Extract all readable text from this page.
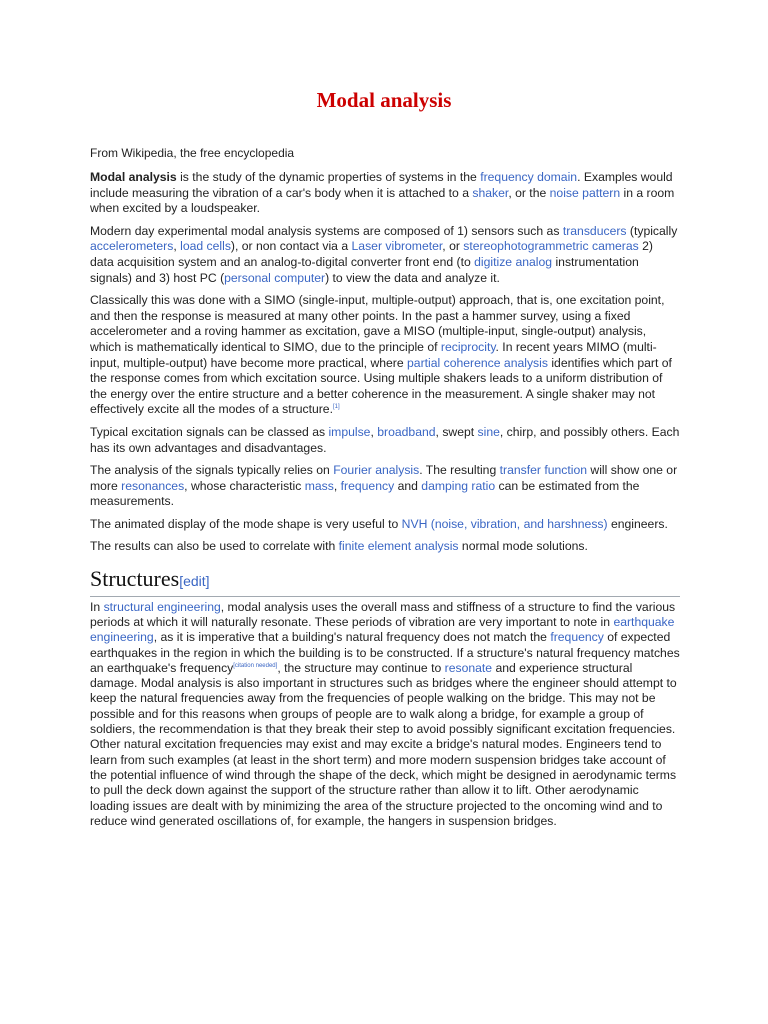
Modal analysis
From Wikipedia, the free encyclopedia

Modal analysis is the study of the dynamic properties of systems in the frequency domain. Examples would include measuring the vibration of a car's body when it is attached to a shaker, or the noise pattern in a room when excited by a loudspeaker.

Modern day experimental modal analysis systems are composed of 1) sensors such as transducers (typically accelerometers, load cells), or non contact via a Laser vibrometer, or stereophotogrammetric cameras 2) data acquisition system and an analog-to-digital converter front end (to digitize analog instrumentation signals) and 3) host PC (personal computer) to view the data and analyze it.

Classically this was done with a SIMO (single-input, multiple-output) approach, that is, one excitation point, and then the response is measured at many other points. In the past a hammer survey, using a fixed accelerometer and a roving hammer as excitation, gave a MISO (multiple-input, single-output) analysis, which is mathematically identical to SIMO, due to the principle of reciprocity. In recent years MIMO (multi-input, multiple-output) have become more practical, where partial coherence analysis identifies which part of the response comes from which excitation source. Using multiple shakers leads to a uniform distribution of the energy over the entire structure and a better coherence in the measurement. A single shaker may not effectively excite all the modes of a structure.[1]

Typical excitation signals can be classed as impulse, broadband, swept sine, chirp, and possibly others. Each has its own advantages and disadvantages.

The analysis of the signals typically relies on Fourier analysis. The resulting transfer function will show one or more resonances, whose characteristic mass, frequency and damping ratio can be estimated from the measurements.

The animated display of the mode shape is very useful to NVH (noise, vibration, and harshness) engineers.

The results can also be used to correlate with finite element analysis normal mode solutions.

Structures[edit]

In structural engineering, modal analysis uses the overall mass and stiffness of a structure to find the various periods at which it will naturally resonate. These periods of vibration are very important to note in earthquake engineering, as it is imperative that a building's natural frequency does not match the frequency of expected earthquakes in the region in which the building is to be constructed. If a structure's natural frequency matches an earthquake's frequency[citation needed], the structure may continue to resonate and experience structural damage. Modal analysis is also important in structures such as bridges where the engineer should attempt to keep the natural frequencies away from the frequencies of people walking on the bridge. This may not be possible and for this reasons when groups of people are to walk along a bridge, for example a group of soldiers, the recommendation is that they break their step to avoid possibly significant excitation frequencies. Other natural excitation frequencies may exist and may excite a bridge's natural modes. Engineers tend to learn from such examples (at least in the short term) and more modern suspension bridges take account of the potential influence of wind through the shape of the deck, which might be designed in aerodynamic terms to pull the deck down against the support of the structure rather than allow it to lift. Other aerodynamic loading issues are dealt with by minimizing the area of the structure projected to the oncoming wind and to reduce wind generated oscillations of, for example, the hangers in suspension bridges.
